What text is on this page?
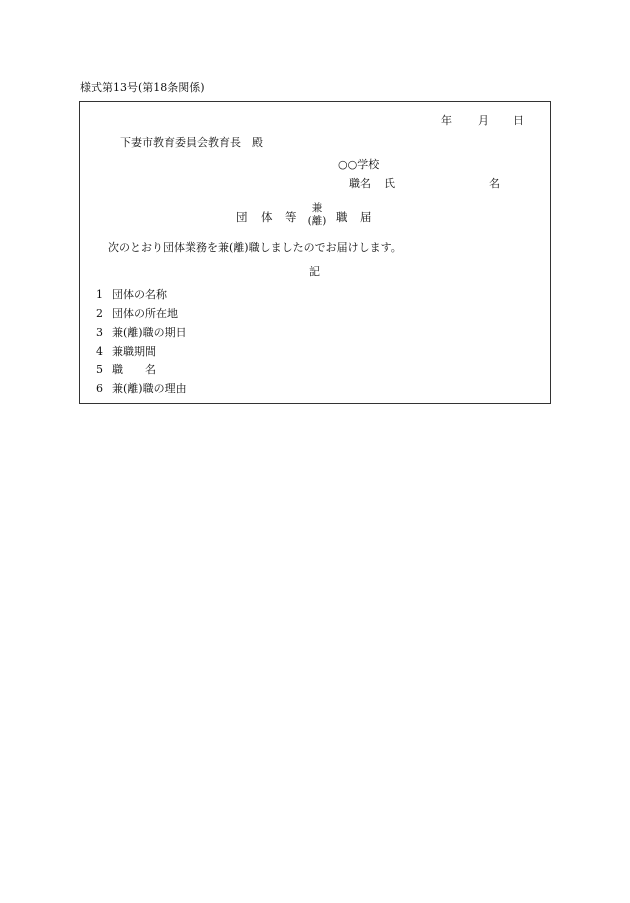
様式第13号(第18条関係)
年 月 日
下妻市教育委員会教育長　殿
○○学校
職名 氏	名
団 体 等
兼
(離) 職 届
次のとおり団体業務を兼(離)職しましたのでお届けします。
記
1 団体の名称
2 団体の所在地
3 兼(離)職の期日
4 兼職期間
5 職　　名
6 兼(離)職の理由
